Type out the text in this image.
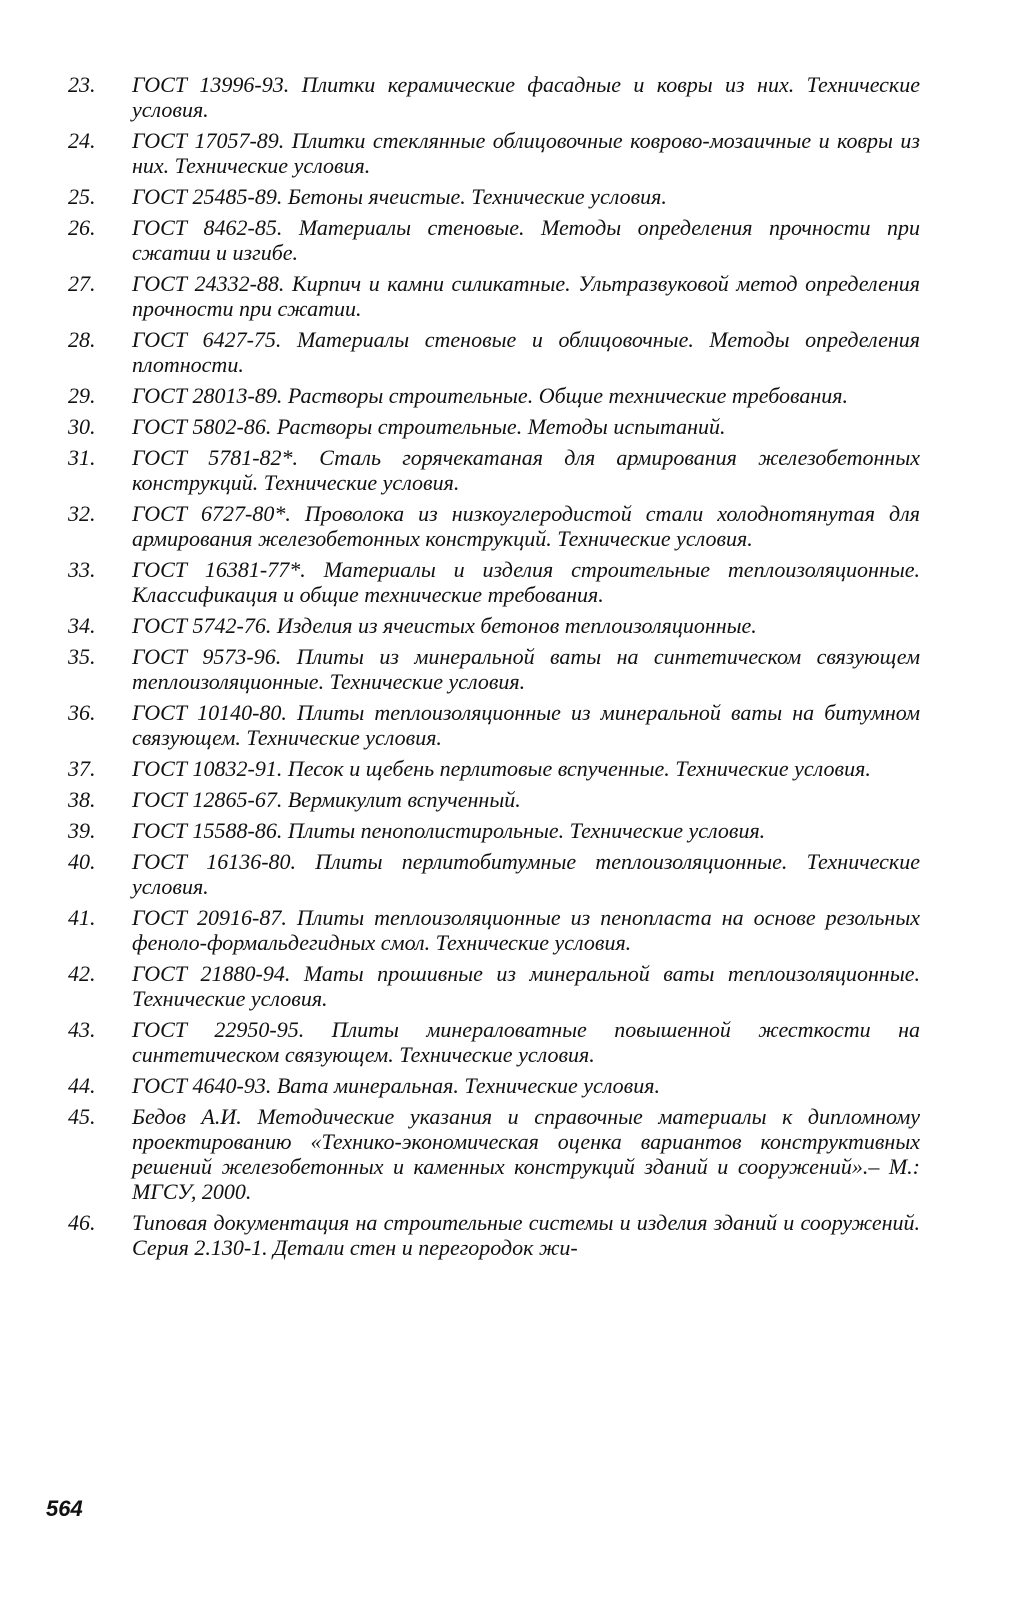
23. ГОСТ 13996-93. Плитки керамические фасадные и ковры из них. Технические условия.
24. ГОСТ 17057-89. Плитки стеклянные облицовочные коврово-мозаичные и ковры из них. Технические условия.
25. ГОСТ 25485-89. Бетоны ячеистые. Технические условия.
26. ГОСТ 8462-85. Материалы стеновые. Методы определения прочности при сжатии и изгибе.
27. ГОСТ 24332-88. Кирпич и камни силикатные. Ультразвуковой метод определения прочности при сжатии.
28. ГОСТ 6427-75. Материалы стеновые и облицовочные. Методы определения плотности.
29. ГОСТ 28013-89. Растворы строительные. Общие технические требования.
30. ГОСТ 5802-86. Растворы строительные. Методы испытаний.
31. ГОСТ 5781-82*. Сталь горячекатаная для армирования железобетонных конструкций. Технические условия.
32. ГОСТ 6727-80*. Проволока из низкоуглеродистой стали холоднотянутая для армирования железобетонных конструкций. Технические условия.
33. ГОСТ 16381-77*. Материалы и изделия строительные теплоизоляционные. Классификация и общие технические требования.
34. ГОСТ 5742-76. Изделия из ячеистых бетонов теплоизоляционные.
35. ГОСТ 9573-96. Плиты из минеральной ваты на синтетическом связующем теплоизоляционные. Технические условия.
36. ГОСТ 10140-80. Плиты теплоизоляционные из минеральной ваты на битумном связующем. Технические условия.
37. ГОСТ 10832-91. Песок и щебень перлитовые вспученные. Технические условия.
38. ГОСТ 12865-67. Вермикулит вспученный.
39. ГОСТ 15588-86. Плиты пенополистирольные. Технические условия.
40. ГОСТ 16136-80. Плиты перлитобитумные теплоизоляционные. Технические условия.
41. ГОСТ 20916-87. Плиты теплоизоляционные из пенопласта на основе резольных феноло-формальдегидных смол. Технические условия.
42. ГОСТ 21880-94. Маты прошивные из минеральной ваты теплоизоляционные. Технические условия.
43. ГОСТ 22950-95. Плиты минераловатные повышенной жесткости на синтетическом связующем. Технические условия.
44. ГОСТ 4640-93. Вата минеральная. Технические условия.
45. Бедов А.И. Методические указания и справочные материалы к дипломному проектированию «Технико-экономическая оценка вариантов конструктивных решений железобетонных и каменных конструкций зданий и сооружений».– М.: МГСУ, 2000.
46. Типовая документация на строительные системы и изделия зданий и сооружений. Серия 2.130-1. Детали стен и перегородок жи-
564
